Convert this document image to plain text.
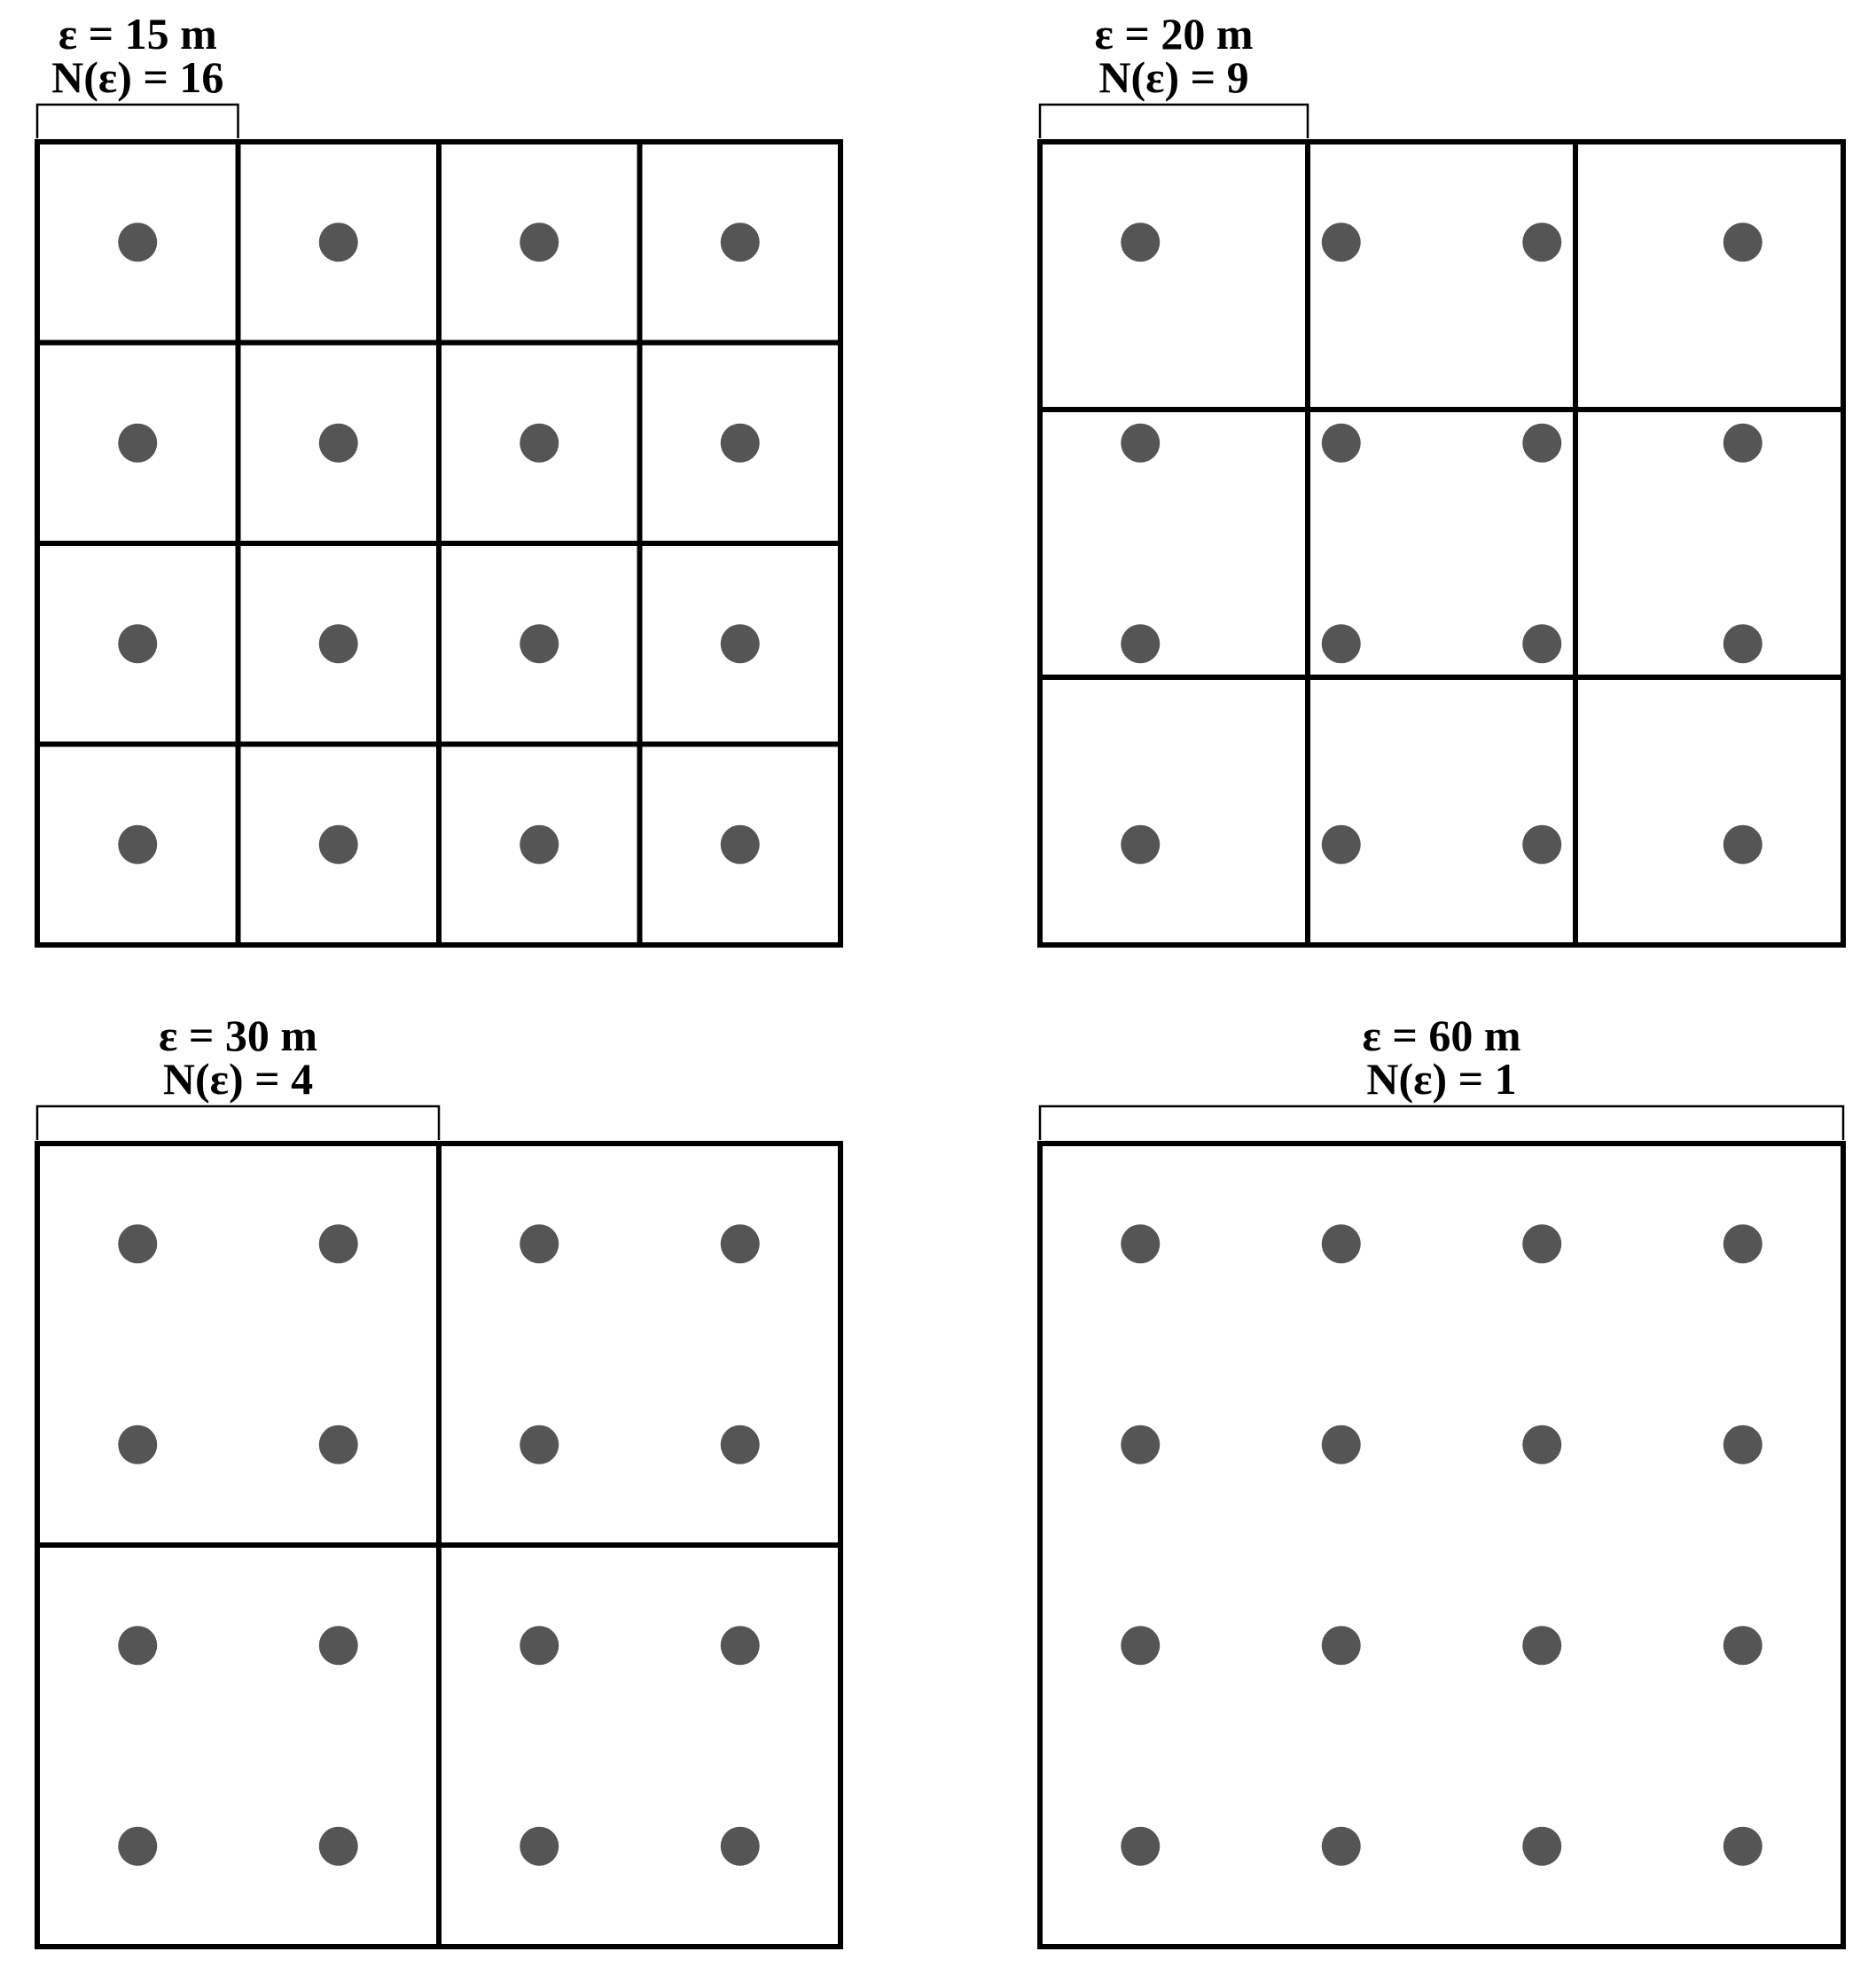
ε = 15 m
N(ε) = 16
ε = 20 m
N(ε) = 9
ε = 30 m
N(ε) = 4
ε = 60 m
N(ε) = 1
